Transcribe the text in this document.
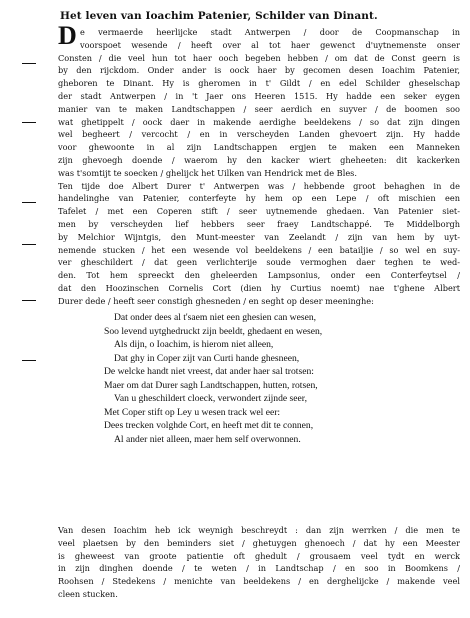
Het leven van Ioachim Patenier, Schilder van Dinant.
D e vermaerde heerlijcke stadt Antwerpen / door de Coopmanschap in
voorspoet wesende / heeft over al tot haer gewenct d'uytnemenste onser
Consten / die veel hun tot haer ooch begeben hebben / om dat de Const geern is
by den rijckdom. Onder ander is oock haer by gecomen desen Ioachim Patenier,
gheboren te Dinant. Hy is gheromen in t' Gildt / en edel Schilder gheselschap
der stadt Antwerpen / in 't Jaer ons Heeren 1515. Hy hadde een seker eygen
manier van te maken Landtschappen / seer aerdich en suyver / de boomen soo
wat ghetippelt / oock daer in makende aerdighe beeldekens / so dat zijn dingen
wel begheert / vercocht / en in verscheyden Landen ghevoert zijn. Hy hadde
voor ghewoonte in al zijn Landtschappen ergjen te maken een Manneken
zijn ghevoegh doende / waerom hy den kacker wiert gheheeten: dit kackerken
was t'somtijt te soecken / ghelijck het Uilken van Hendrick met de Bles.
Ten tijde doe Albert Durer t' Antwerpen was / hebbende groot behaghen in de
handelinghe van Patenier, conterfeyte hy hem op een Lepe / oft mischien een
Tafelet / met een Coperen stift / seer uytnemende ghedaen. Van Patenier siet-
men by verscheyden lief hebbers seer fraey Landtschappé. Te Middelborgh
by Melchior Wijntgis, den Munt-meester van Zeelandt / zijn van hem by uyt-
nemende stucken / het een wesende vol beeldekens / een batailjie / so wel en suy-
ver gheschildert / dat geen verlichterije soude vermoghen daer teghen te wed-
den. Tot hem spreeckt den gheleerden Lampsonius, onder een Conterfeytsel /
dat den Hoozinschen Cornelis Cort (dien hy Curtius noemt) nae t'ghene Albert
Durer dede / heeft seer constigh ghesneden / en seght op deser meeninghe:
Dat onder dees al t'saem niet een ghesien can wesen,
Soo levend uytghedruckt zijn beeldt, ghedaent en wesen,
Als dijn, o Ioachim, is hierom niet alleen,
Dat ghy in Coper zijt van Curti hande ghesneen,
De welcke handt niet vreest, dat ander haer sal trotsen:
Maer om dat Durer sagh Landtschappen, hutten, rotsen,
Van u gheschildert cloeck, verwondert zijnde seer,
Met Coper stift op Ley u wesen track wel eer:
Dees trecken volghde Cort, en heeft met dit te connen,
Al ander niet alleen, maer hem self overwonnen.
Van desen Ioachim heb ick weynigh beschreydt : dan zijn werrken / die men te
veel plaetsen by den beminders siet / ghetuygen ghenoech / dat hy een Meester
is gheweest van groote patientie oft ghedult / grousaem veel tydt en werck
in zijn dinghen doende / te weten / in Landtschap / en soo in Boomkens /
Roohsen / Stedekens / menichte van beeldekens / en derghelijcke / makende veel
cleen stucken.
